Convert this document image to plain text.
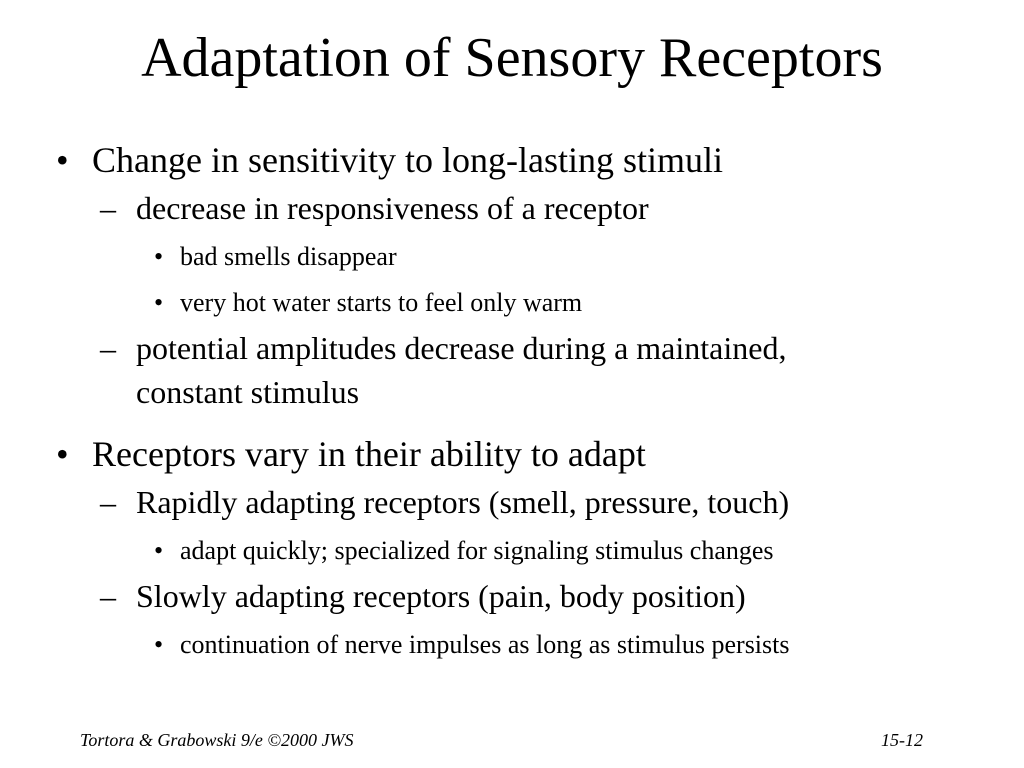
Adaptation of Sensory Receptors
• Change in sensitivity to long-lasting stimuli
– decrease in responsiveness of a receptor
• bad smells disappear
• very hot water starts to feel only warm
– potential amplitudes decrease during a maintained,
constant stimulus
• Receptors vary in their ability to adapt
– Rapidly adapting receptors (smell, pressure, touch)
• adapt quickly; specialized for signaling stimulus changes
– Slowly adapting receptors (pain, body position)
• continuation of nerve impulses as long as stimulus persists
Tortora & Grabowski 9/e ©2000 JWS	15-12
